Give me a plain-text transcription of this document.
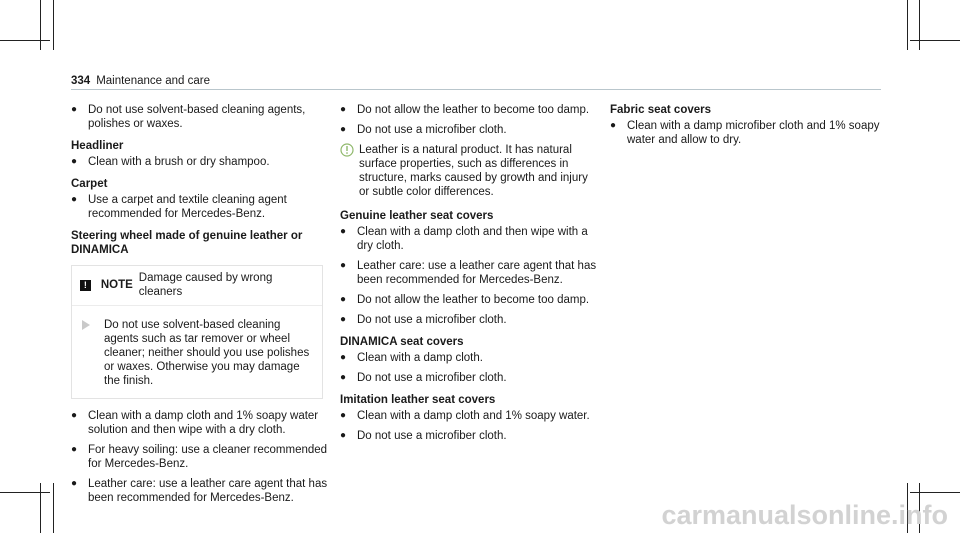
334 Maintenance and care
● Do not use solvent-based cleaning agents, polishes or waxes.
Headliner
● Clean with a brush or dry shampoo.
Carpet
● Use a carpet and textile cleaning agent recommended for Mercedes-Benz.
Steering wheel made of genuine leather or DINAMICA
!	NOTE
Damage caused by wrong cleaners
Do not use solvent-based cleaning agents such as tar remover or wheel cleaner; neither should you use polishes or waxes. Otherwise you may damage the finish.
● Clean with a damp cloth and 1% soapy water solution and then wipe with a dry cloth.
● For heavy soiling: use a cleaner recommended for Mercedes-Benz.
● Leather care: use a leather care agent that has been recommended for Mercedes-Benz.
● Do not allow the leather to become too damp.
● Do not use a microfiber cloth.
Leather is a natural product. It has natural surface properties, such as differences in structure, marks caused by growth and injury or subtle color differences.
Genuine leather seat covers
● Clean with a damp cloth and then wipe with a dry cloth.
● Leather care: use a leather care agent that has been recommended for Mercedes-Benz.
● Do not allow the leather to become too damp.
● Do not use a microfiber cloth.
DINAMICA seat covers
● Clean with a damp cloth.
● Do not use a microfiber cloth.
Imitation leather seat covers
● Clean with a damp cloth and 1% soapy water.
● Do not use a microfiber cloth.
Fabric seat covers
● Clean with a damp microfiber cloth and 1% soapy water and allow to dry.
carmanualsonline.info
